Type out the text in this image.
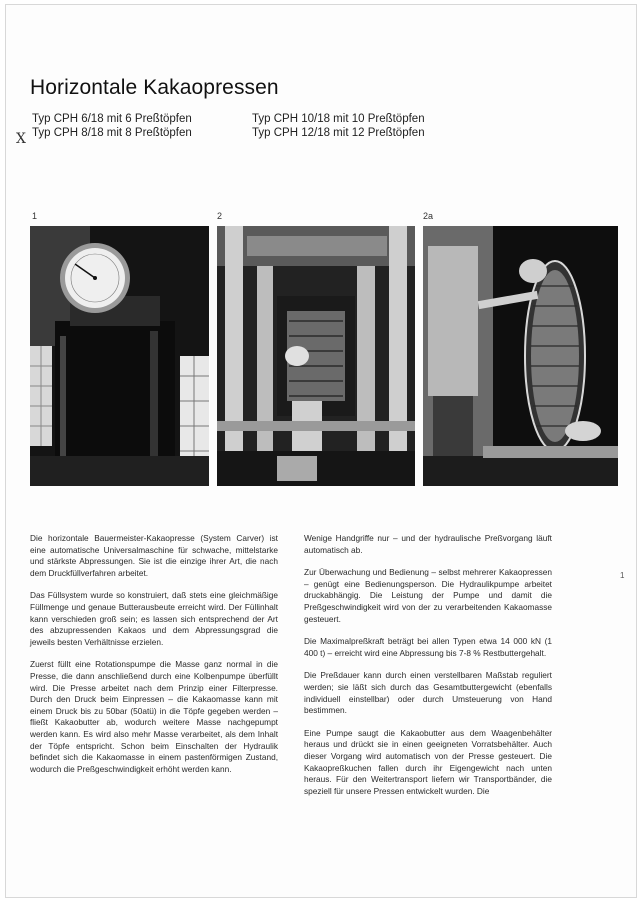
Horizontale Kakaopressen
Typ CPH 6/18 mit 6 Preßtöpfen	Typ CPH 10/18 mit 10 Preßtöpfen
Typ CPH 8/18 mit 8 Preßtöpfen	Typ CPH 12/18 mit 12 Preßtöpfen
X
1	2	2a

Die horizontale Bauermeister-Kakaopresse (System Carver) ist eine automatische Universalmaschine für schwache, mittelstarke und stärkste Abpressungen. Sie ist die einzige ihrer Art, die nach dem Druckfüllverfahren arbeitet.

Das Füllsystem wurde so konstruiert, daß stets eine gleichmäßige Füllmenge und genaue Butterausbeute erreicht wird. Der Füllinhalt kann verschieden groß sein; es lassen sich entsprechend der Art des abzupressenden Kakaos und dem Abpressungsgrad die jeweils besten Verhältnisse erzielen.

Zuerst füllt eine Rotationspumpe die Masse ganz normal in die Presse, die dann anschließend durch eine Kolbenpumpe überfüllt wird. Die Presse arbeitet nach dem Prinzip einer Filterpresse. Durch den Druck beim Einpressen – die Kakaomasse kann mit einem Druck bis zu 50bar (50atü) in die Töpfe gegeben werden – fließt Kakaobutter ab, wodurch weitere Masse nachgepumpt werden kann. Es wird also mehr Masse verarbeitet, als dem Inhalt der Töpfe entspricht. Schon beim Einschalten der Hydraulik befindet sich die Kakaomasse in einem pastenförmigen Zustand, wodurch die Preßgeschwindigkeit erhöht werden kann.

Wenige Handgriffe nur – und der hydraulische Preßvorgang läuft automatisch ab.

Zur Überwachung und Bedienung – selbst mehrerer Kakaopressen – genügt eine Bedienungsperson. Die Hydraulikpumpe arbeitet druckabhängig. Die Leistung der Pumpe und damit die Preßgeschwindigkeit wird von der zu verarbeitenden Kakaomasse gesteuert.

Die Maximalpreßkraft beträgt bei allen Typen etwa 14 000 kN (1 400 t) – erreicht wird eine Abpressung bis 7-8 % Restbuttergehalt.

Die Preßdauer kann durch einen verstellbaren Maßstab reguliert werden; sie läßt sich durch das Gesamtbuttergewicht (ebenfalls individuell einstellbar) oder durch Umsteuerung von Hand bestimmen.

Eine Pumpe saugt die Kakaobutter aus dem Waagenbehälter heraus und drückt sie in einen geeigneten Vorratsbehälter. Auch dieser Vorgang wird automatisch von der Presse gesteuert. Die Kakaopreßkuchen fallen durch ihr Eigengewicht nach unten heraus. Für den Weitertransport liefern wir Transportbänder, die speziell für unsere Pressen entwickelt wurden. Die

1
